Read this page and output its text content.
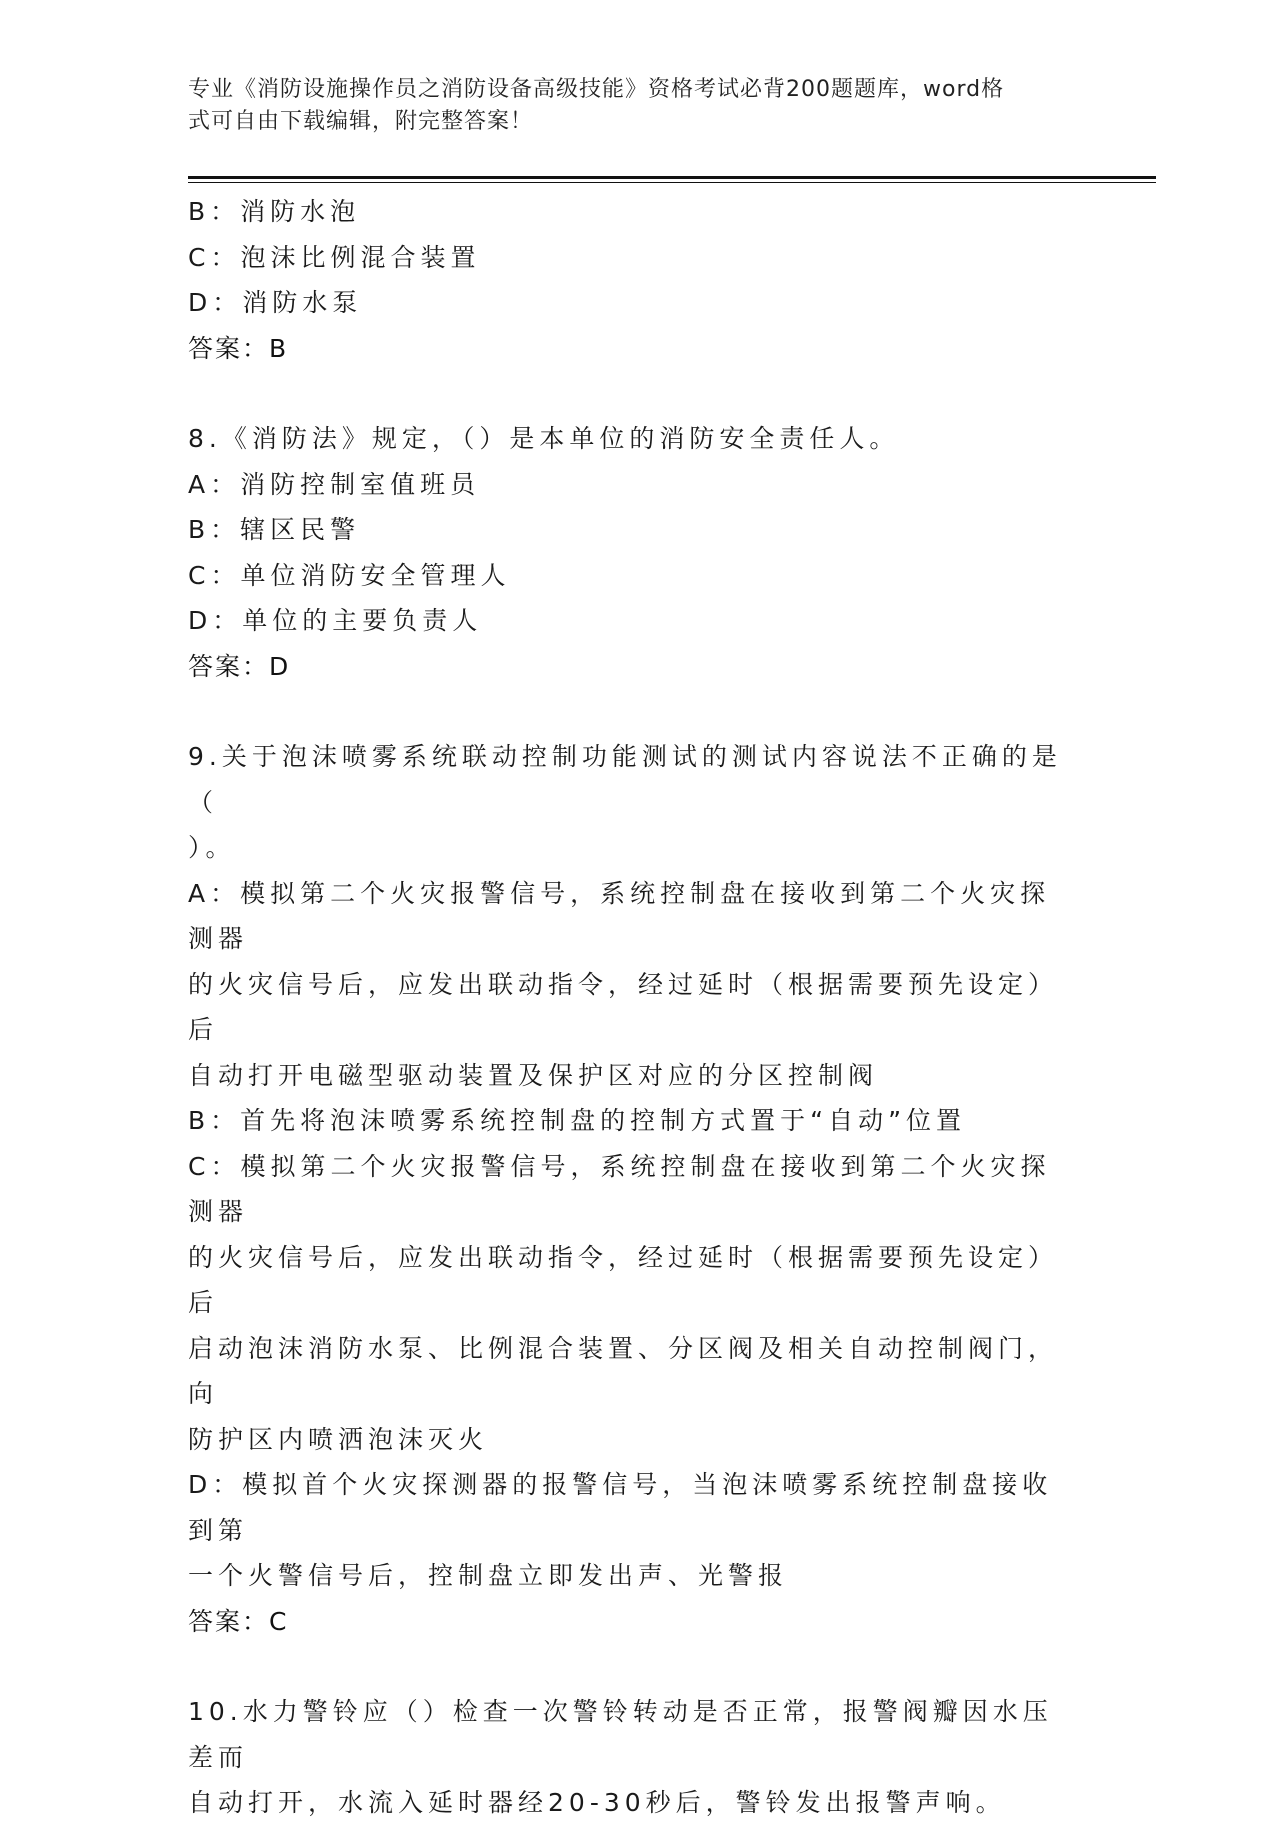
专业《消防设施操作员之消防设备高级技能》资格考试必背200题题库，word格
式可自由下载编辑，附完整答案！
B：消防水泡
C：泡沫比例混合装置
D：消防水泵
答案：B
8.《消防法》规定，（）是本单位的消防安全责任人。
A：消防控制室值班员
B：辖区民警
C：单位消防安全管理人
D：单位的主要负责人
答案：D
9.关于泡沫喷雾系统联动控制功能测试的测试内容说法不正确的是（
）。
A：模拟第二个火灾报警信号，系统控制盘在接收到第二个火灾探测器
的火灾信号后，应发出联动指令，经过延时（根据需要预先设定）后
自动打开电磁型驱动装置及保护区对应的分区控制阀
B：首先将泡沫喷雾系统控制盘的控制方式置于“自动”位置
C：模拟第二个火灾报警信号，系统控制盘在接收到第二个火灾探测器
的火灾信号后，应发出联动指令，经过延时（根据需要预先设定）后
启动泡沫消防水泵、比例混合装置、分区阀及相关自动控制阀门，向
防护区内喷洒泡沫灭火
D：模拟首个火灾探测器的报警信号，当泡沫喷雾系统控制盘接收到第
一个火警信号后，控制盘立即发出声、光警报
答案：C
10.水力警铃应（）检查一次警铃转动是否正常，报警阀瓣因水压差而
自动打开，水流入延时器经20-30秒后，警铃发出报警声响。
